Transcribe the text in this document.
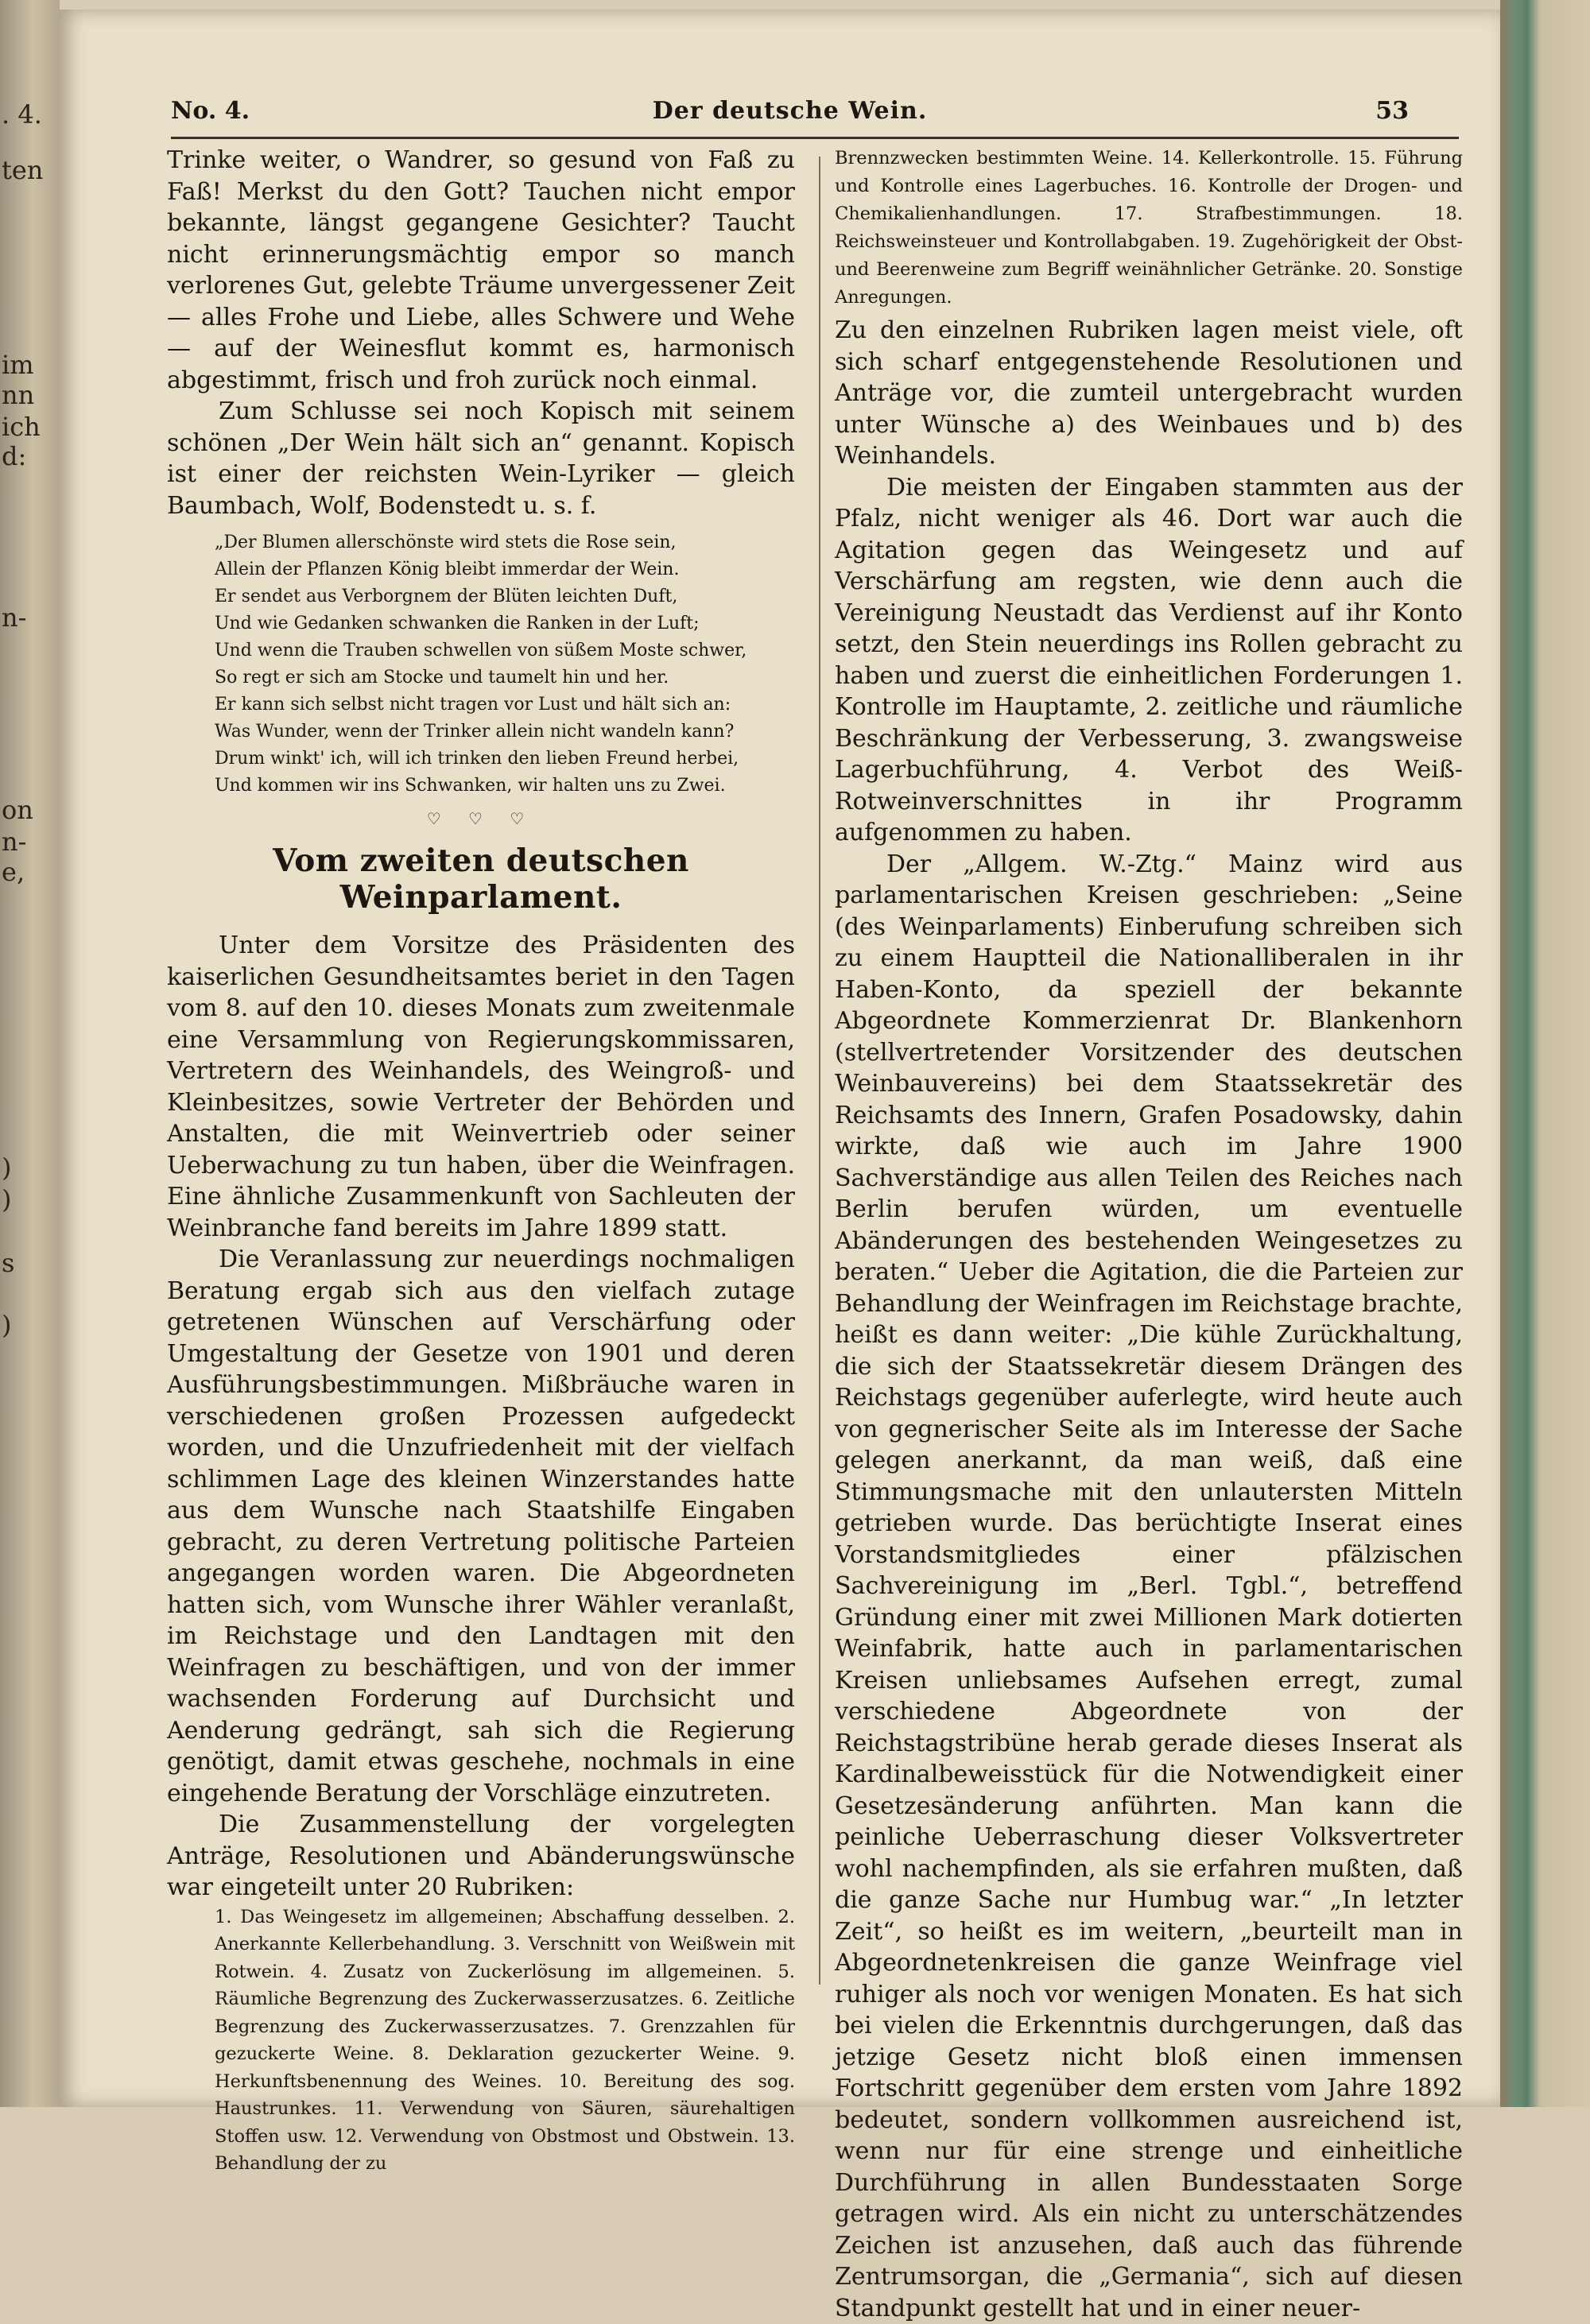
. 4.
ten
im
nn
ich
d:
n-
on
n-
e,
)
)
s
)
No. 4.	Der deutsche Wein.	53

Trinke weiter, o Wandrer, so gesund von Faß zu Faß! Merkst du den Gott? Tauchen nicht empor bekannte, längst gegangene Gesichter? Taucht nicht erinnerungsmächtig empor so manch verlorenes Gut, gelebte Träume unvergessener Zeit — alles Frohe und Liebe, alles Schwere und Wehe — auf der Weinesflut kommt es, harmonisch abgestimmt, frisch und froh zurück noch einmal.

Zum Schlusse sei noch Kopisch mit seinem schönen „Der Wein hält sich an“ genannt. Kopisch ist einer der reichsten Wein-Lyriker — gleich Baumbach, Wolf, Bodenstedt u. s. f.

„Der Blumen allerschönste wird stets die Rose sein,
Allein der Pflanzen König bleibt immerdar der Wein.
Er sendet aus Verborgnem der Blüten leichten Duft,
Und wie Gedanken schwanken die Ranken in der Luft;
Und wenn die Trauben schwellen von süßem Moste schwer,
So regt er sich am Stocke und taumelt hin und her.
Er kann sich selbst nicht tragen vor Lust und hält sich an:
Was Wunder, wenn der Trinker allein nicht wandeln kann?
Drum winkt' ich, will ich trinken den lieben Freund herbei,
Und kommen wir ins Schwanken, wir halten uns zu Zwei.
♡ ♡ ♡
Vom zweiten deutschen Weinparlament.

Unter dem Vorsitze des Präsidenten des kaiserlichen Gesundheitsamtes beriet in den Tagen vom 8. auf den 10. dieses Monats zum zweitenmale eine Versammlung von Regierungskommissaren, Vertretern des Weinhandels, des Weingroß- und Kleinbesitzes, sowie Vertreter der Behörden und Anstalten, die mit Weinvertrieb oder seiner Ueberwachung zu tun haben, über die Weinfragen. Eine ähnliche Zusammenkunft von Sachleuten der Weinbranche fand bereits im Jahre 1899 statt.

Die Veranlassung zur neuerdings nochmaligen Beratung ergab sich aus den vielfach zutage getretenen Wünschen auf Verschärfung oder Umgestaltung der Gesetze von 1901 und deren Ausführungsbestimmungen. Mißbräuche waren in verschiedenen großen Prozessen aufgedeckt worden, und die Unzufriedenheit mit der vielfach schlimmen Lage des kleinen Winzerstandes hatte aus dem Wunsche nach Staatshilfe Eingaben gebracht, zu deren Vertretung politische Parteien angegangen worden waren. Die Abgeordneten hatten sich, vom Wunsche ihrer Wähler veranlaßt, im Reichstage und den Landtagen mit den Weinfragen zu beschäftigen, und von der immer wachsenden Forderung auf Durchsicht und Aenderung gedrängt, sah sich die Regierung genötigt, damit etwas geschehe, nochmals in eine eingehende Beratung der Vorschläge einzutreten.

Die Zusammenstellung der vorgelegten Anträge, Resolutionen und Abänderungswünsche war eingeteilt unter 20 Rubriken:

1. Das Weingesetz im allgemeinen; Abschaffung desselben. 2. Anerkannte Kellerbehandlung. 3. Verschnitt von Weißwein mit Rotwein. 4. Zusatz von Zuckerlösung im allgemeinen. 5. Räumliche Begrenzung des Zuckerwasserzusatzes. 6. Zeitliche Begrenzung des Zuckerwasserzusatzes. 7. Grenzzahlen für gezuckerte Weine. 8. Deklaration gezuckerter Weine. 9. Herkunftsbenennung des Weines. 10. Bereitung des sog. Haustrunkes. 11. Verwendung von Säuren, säurehaltigen Stoffen usw. 12. Verwendung von Obstmost und Obstwein. 13. Behandlung der zu

Brennzwecken bestimmten Weine. 14. Kellerkontrolle. 15. Führung und Kontrolle eines Lagerbuches. 16. Kontrolle der Drogen- und Chemikalienhandlungen. 17. Strafbestimmungen. 18. Reichsweinsteuer und Kontrollabgaben. 19. Zugehörigkeit der Obst- und Beerenweine zum Begriff weinähnlicher Getränke. 20. Sonstige Anregungen.

Zu den einzelnen Rubriken lagen meist viele, oft sich scharf entgegenstehende Resolutionen und Anträge vor, die zumteil untergebracht wurden unter Wünsche a) des Weinbaues und b) des Weinhandels.

Die meisten der Eingaben stammten aus der Pfalz, nicht weniger als 46. Dort war auch die Agitation gegen das Weingesetz und auf Verschärfung am regsten, wie denn auch die Vereinigung Neustadt das Verdienst auf ihr Konto setzt, den Stein neuerdings ins Rollen gebracht zu haben und zuerst die einheitlichen Forderungen 1. Kontrolle im Hauptamte, 2. zeitliche und räumliche Beschränkung der Verbesserung, 3. zwangsweise Lagerbuchführung, 4. Verbot des Weiß-Rotweinverschnittes in ihr Programm aufgenommen zu haben.

Der „Allgem. W.-Ztg.“ Mainz wird aus parlamentarischen Kreisen geschrieben: „Seine (des Weinparlaments) Einberufung schreiben sich zu einem Hauptteil die Nationalliberalen in ihr Haben-Konto, da speziell der bekannte Abgeordnete Kommerzienrat Dr. Blankenhorn (stellvertretender Vorsitzender des deutschen Weinbauvereins) bei dem Staatssekretär des Reichsamts des Innern, Grafen Posadowsky, dahin wirkte, daß wie auch im Jahre 1900 Sachverständige aus allen Teilen des Reiches nach Berlin berufen würden, um eventuelle Abänderungen des bestehenden Weingesetzes zu beraten.“ Ueber die Agitation, die die Parteien zur Behandlung der Weinfragen im Reichstage brachte, heißt es dann weiter: „Die kühle Zurückhaltung, die sich der Staatssekretär diesem Drängen des Reichstags gegenüber auferlegte, wird heute auch von gegnerischer Seite als im Interesse der Sache gelegen anerkannt, da man weiß, daß eine Stimmungsmache mit den unlautersten Mitteln getrieben wurde. Das berüchtigte Inserat eines Vorstandsmitgliedes einer pfälzischen Sachvereinigung im „Berl. Tgbl.“, betreffend Gründung einer mit zwei Millionen Mark dotierten Weinfabrik, hatte auch in parlamentarischen Kreisen unliebsames Aufsehen erregt, zumal verschiedene Abgeordnete von der Reichstagstribüne herab gerade dieses Inserat als Kardinalbeweisstück für die Notwendigkeit einer Gesetzesänderung anführten. Man kann die peinliche Ueberraschung dieser Volksvertreter wohl nachempfinden, als sie erfahren mußten, daß die ganze Sache nur Humbug war.“ „In letzter Zeit“, so heißt es im weitern, „beurteilt man in Abgeordnetenkreisen die ganze Weinfrage viel ruhiger als noch vor wenigen Monaten. Es hat sich bei vielen die Erkenntnis durchgerungen, daß das jetzige Gesetz nicht bloß einen immensen Fortschritt gegenüber dem ersten vom Jahre 1892 bedeutet, sondern vollkommen ausreichend ist, wenn nur für eine strenge und einheitliche Durchführung in allen Bundesstaaten Sorge getragen wird. Als ein nicht zu unterschätzendes Zeichen ist anzusehen, daß auch das führende Zentrumsorgan, die „Germania“, sich auf diesen Standpunkt gestellt hat und in einer neuer-
